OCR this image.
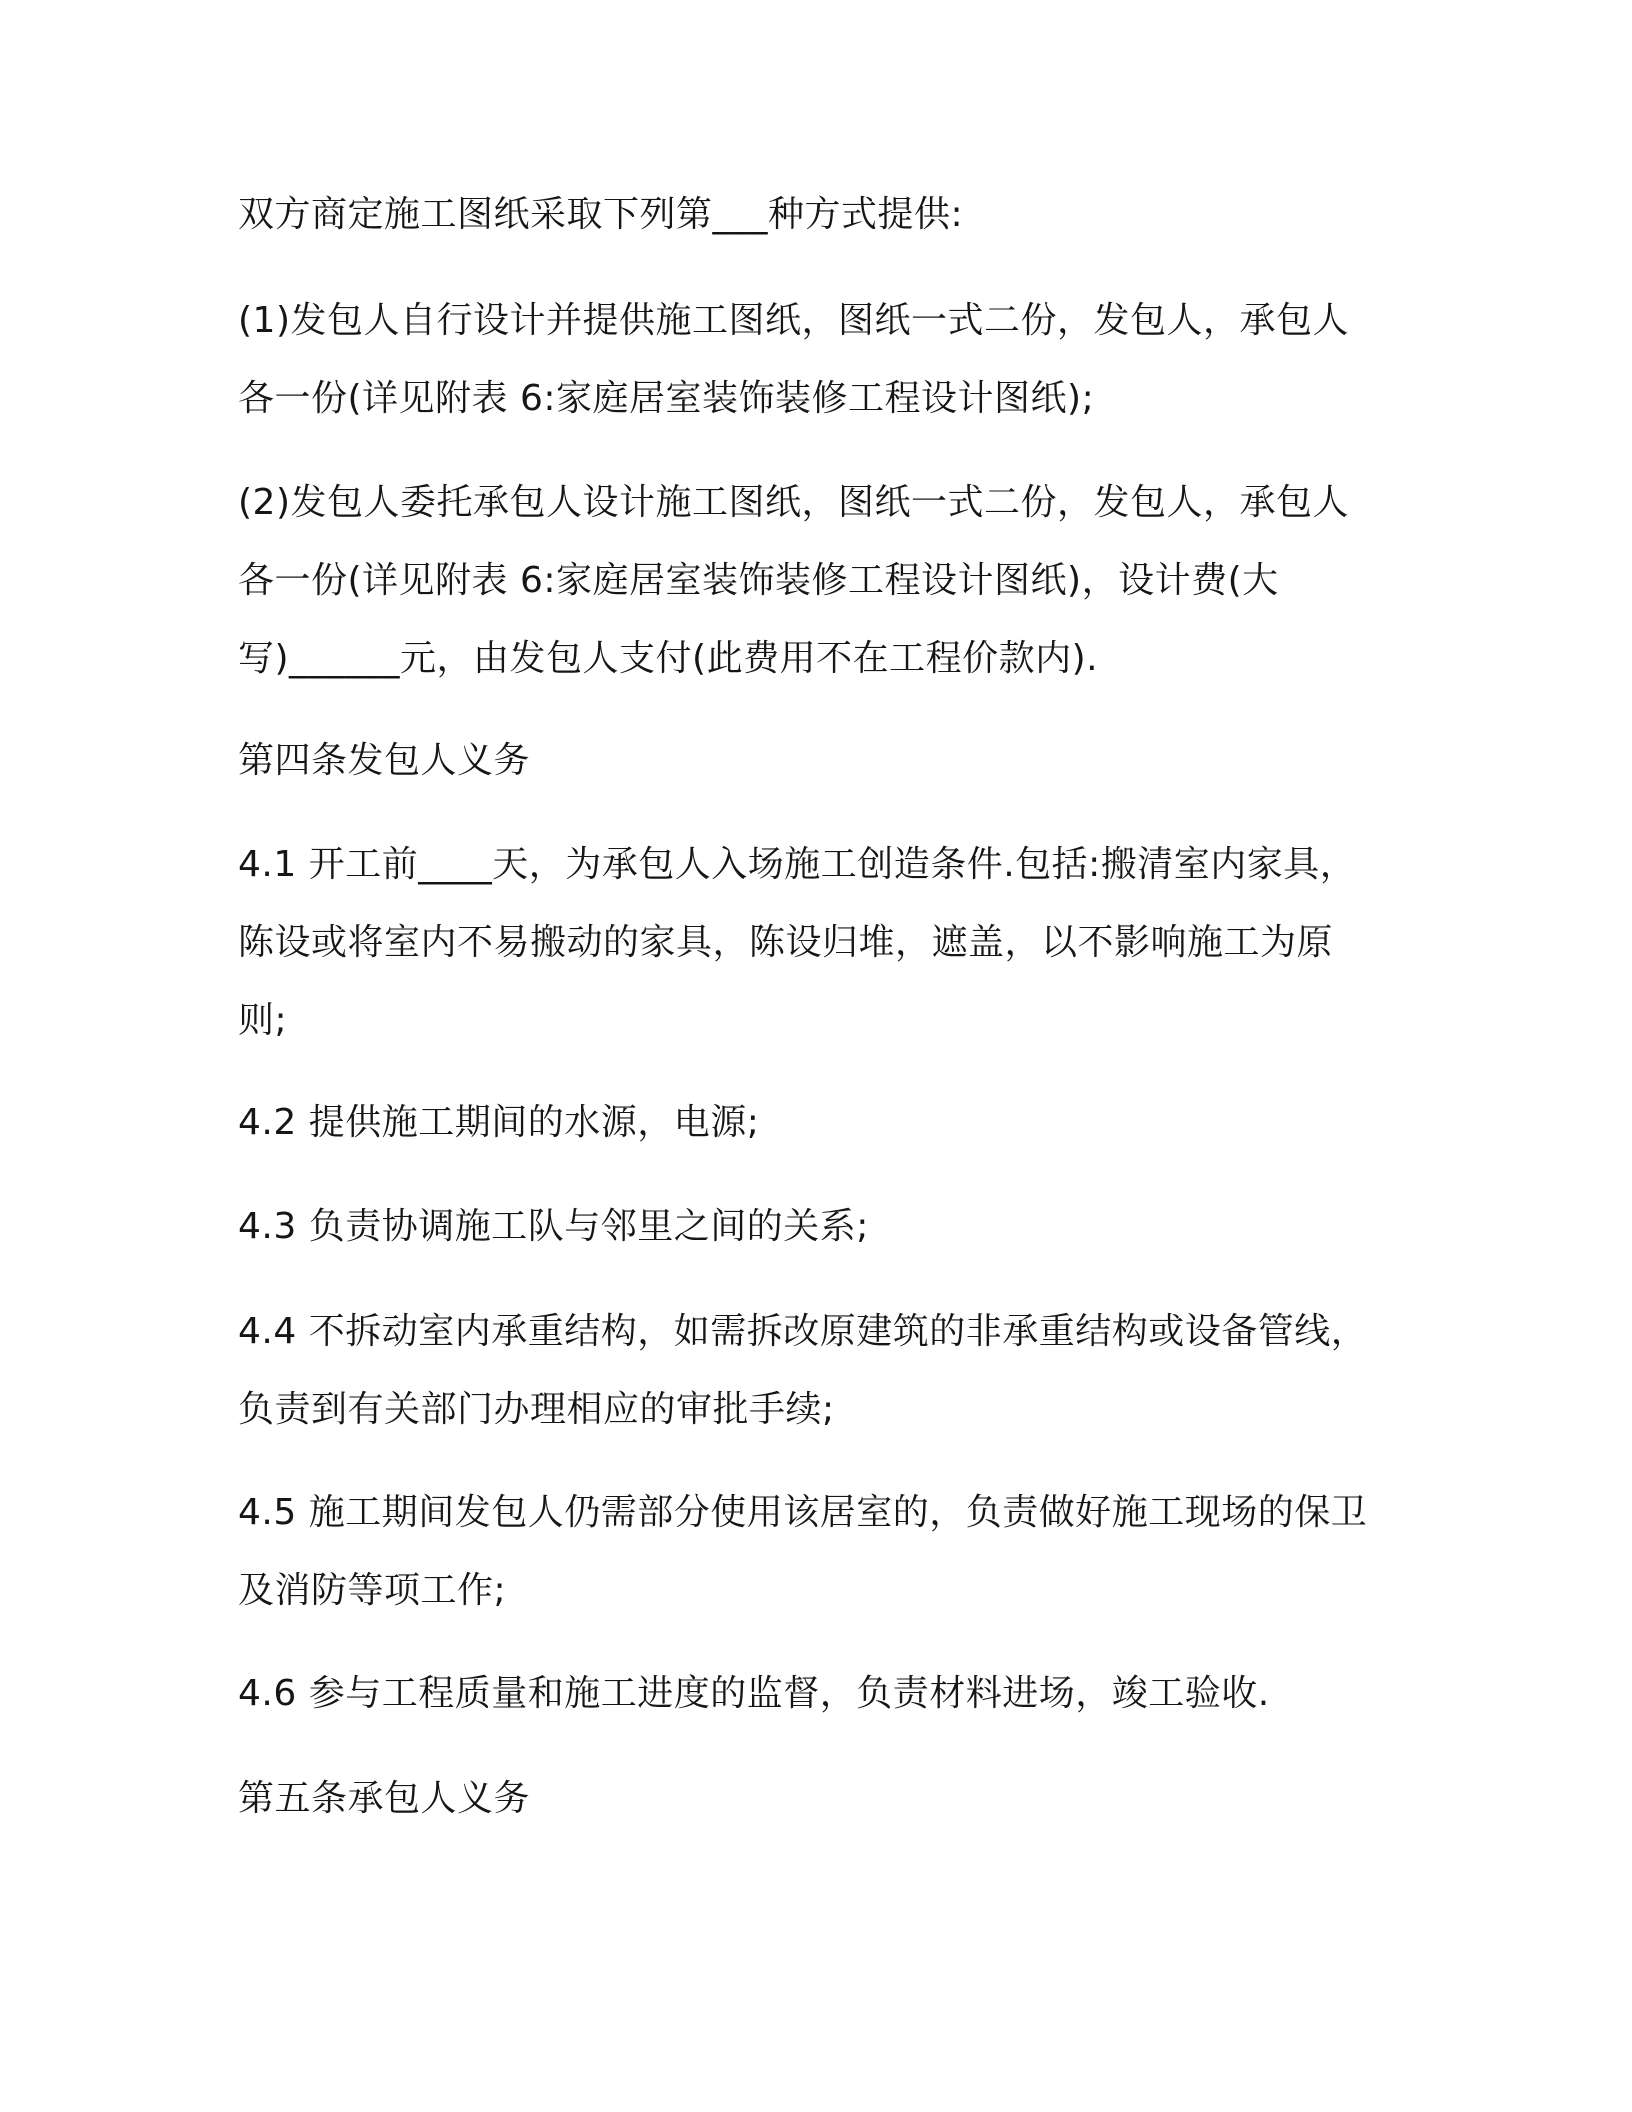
双方商定施工图纸采取下列第___种方式提供:
(1)发包人自行设计并提供施工图纸，图纸一式二份，发包人，承包人
各一份(详见附表 6:家庭居室装饰装修工程设计图纸);
(2)发包人委托承包人设计施工图纸，图纸一式二份，发包人，承包人
各一份(详见附表 6:家庭居室装饰装修工程设计图纸)，设计费(大
写)______元，由发包人支付(此费用不在工程价款内).
第四条发包人义务
4.1 开工前____天，为承包人入场施工创造条件.包括:搬清室内家具，
陈设或将室内不易搬动的家具，陈设归堆，遮盖，以不影响施工为原
则;
4.2 提供施工期间的水源，电源;
4.3 负责协调施工队与邻里之间的关系;
4.4 不拆动室内承重结构，如需拆改原建筑的非承重结构或设备管线，
负责到有关部门办理相应的审批手续;
4.5 施工期间发包人仍需部分使用该居室的，负责做好施工现场的保卫
及消防等项工作;
4.6 参与工程质量和施工进度的监督，负责材料进场，竣工验收.
第五条承包人义务
